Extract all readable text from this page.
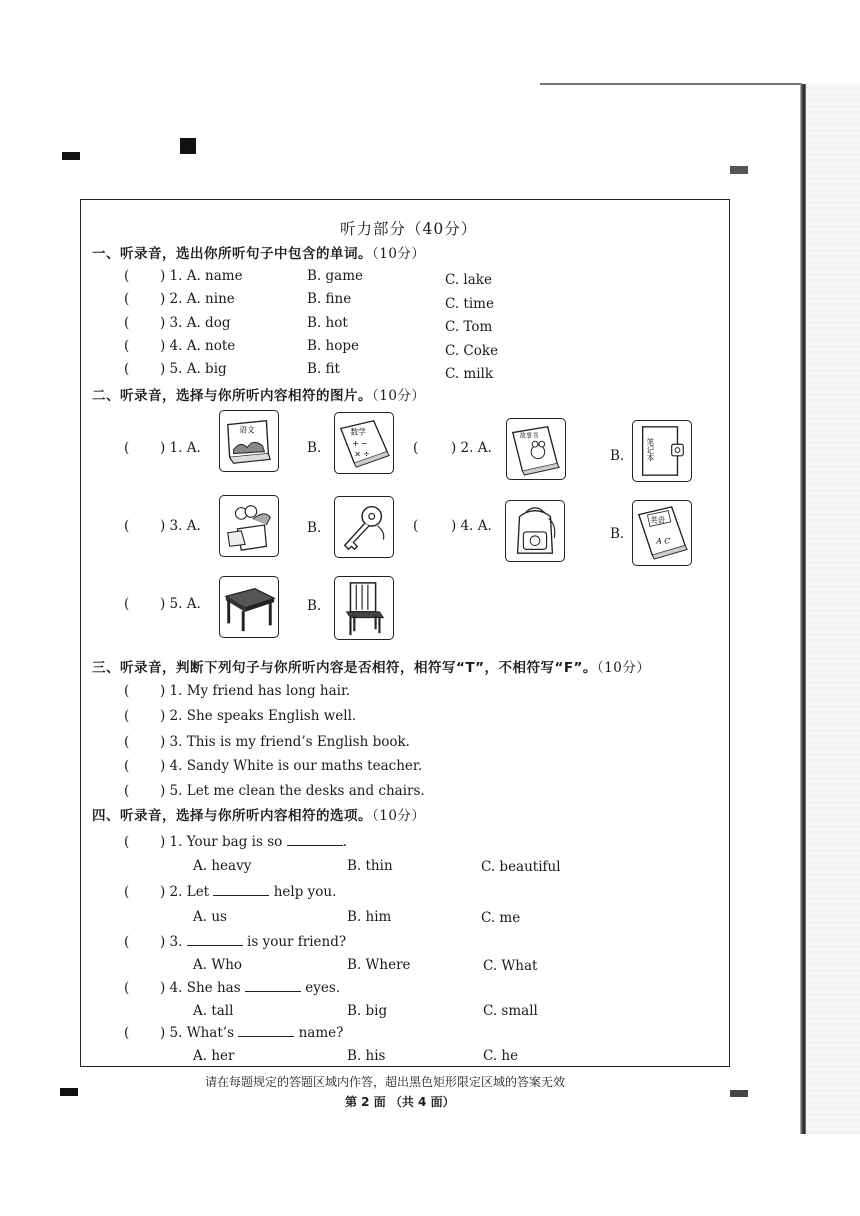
听力部分（40分）
一、听录音，选出你所听句子中包含的单词。（10分）
( ) 1. A. name	B. game	C. lake
( ) 2. A. nine	B. fine	C. time
( ) 3. A. dog	B. hot	C. Tom
( ) 4. A. note	B. hope	C. Coke
( ) 5. A. big	B. fit	C. milk
二、听录音，选择与你所听内容相符的图片。（10分）
( ) 1. A.
语文
B.
数学
+ −
× ÷	( ) 2. A.
故事书
B.	笔记本
( ) 3. A.	B.	( ) 4. A.	B.
英语
A C
( ) 5. A.	B.
三、听录音，判断下列句子与你所听内容是否相符，相符写“T”，不相符写“F”。（10分）
( ) 1. My friend has long hair.
( ) 2. She speaks English well.
( ) 3. This is my friend’s English book.
( ) 4. Sandy White is our maths teacher.
( ) 5. Let me clean the desks and chairs.
四、听录音，选择与你所听内容相符的选项。（10分）
( ) 1. Your bag is so	.
A. heavy	B. thin	C. beautiful
( ) 2. Let	help you.
A. us	B. him	C. me
( ) 3.	is your friend?
A. Who	B. Where	C. What
( ) 4. She has	eyes.
A. tall	B. big	C. small
( ) 5. What’s	name?
A. her	B. his	C. he
请在每题规定的答题区域内作答，超出黑色矩形限定区域的答案无效
第 2 面 （共 4 面）
